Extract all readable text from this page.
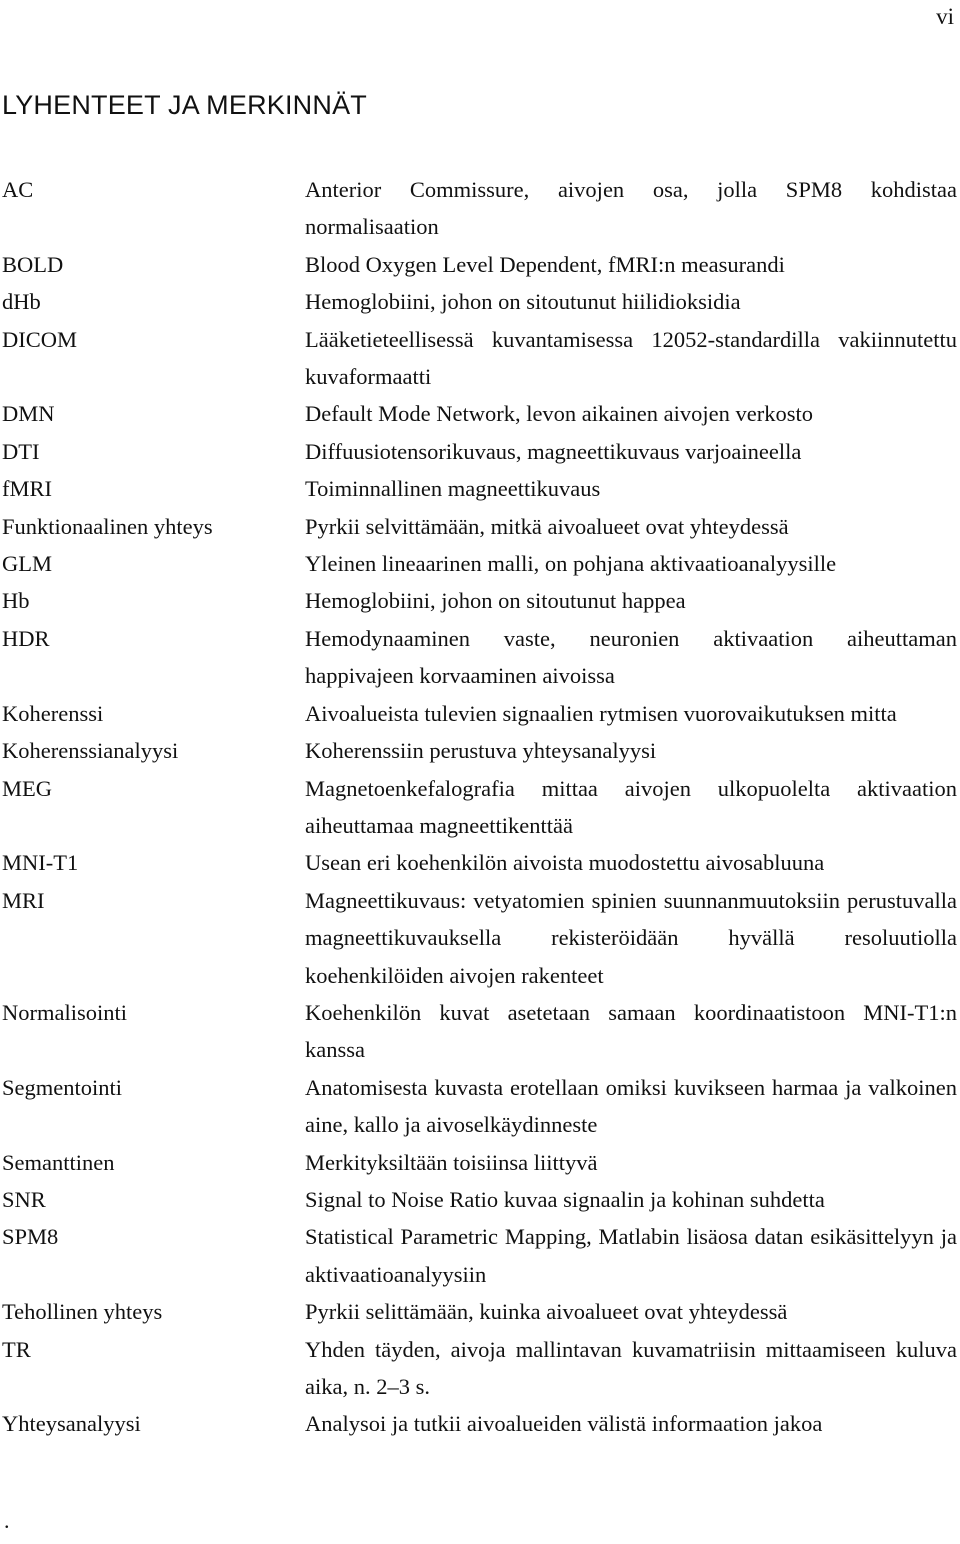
vi
LYHENTEET JA MERKINNÄT
AC	Anterior Commissure, aivojen osa, jolla SPM8 kohdistaa normalisaation
BOLD	Blood Oxygen Level Dependent, fMRI:n measurandi
dHb	Hemoglobiini, johon on sitoutunut hiilidioksidia
DICOM	Lääketieteellisessä kuvantamisessa 12052-standardilla vakiinnutettu kuvaformaatti
DMN	Default Mode Network, levon aikainen aivojen verkosto
DTI	Diffuusiotensorikuvaus, magneettikuvaus varjoaineella
fMRI	Toiminnallinen magneettikuvaus
Funktionaalinen yhteys	Pyrkii selvittämään, mitkä aivoalueet ovat yhteydessä
GLM	Yleinen lineaarinen malli, on pohjana aktivaatioanalyysille
Hb	Hemoglobiini, johon on sitoutunut happea
HDR	Hemodynaaminen vaste, neuronien aktivaation aiheuttaman happivajeen korvaaminen aivoissa
Koherenssi	Aivoalueista tulevien signaalien rytmisen vuorovaikutuksen mitta
Koherenssianalyysi	Koherenssiin perustuva yhteysanalyysi
MEG	Magnetoenkefalografia mittaa aivojen ulkopuolelta aktivaation aiheuttamaa magneettikenttää
MNI-T1	Usean eri koehenkilön aivoista muodostettu aivosabluuna
MRI	Magneettikuvaus: vetyatomien spinien suunnanmuutoksiin perustuvalla magneettikuvauksella rekisteröidään hyvällä resoluutiolla koehenkilöiden aivojen rakenteet
Normalisointi	Koehenkilön kuvat asetetaan samaan koordinaatistoon MNI-T1:n kanssa
Segmentointi	Anatomisesta kuvasta erotellaan omiksi kuvikseen harmaa ja valkoinen aine, kallo ja aivoselkäydinneste
Semanttinen	Merkityksiltään toisiinsa liittyvä
SNR	Signal to Noise Ratio kuvaa signaalin ja kohinan suhdetta
SPM8	Statistical Parametric Mapping, Matlabin lisäosa datan esikäsittelyyn ja aktivaatioanalyysiin
Tehollinen yhteys	Pyrkii selittämään, kuinka aivoalueet ovat yhteydessä
TR	Yhden täyden, aivoja mallintavan kuvamatriisin mittaamiseen kuluva aika, n. 2–3 s.
Yhteysanalyysi	Analysoi ja tutkii aivoalueiden välistä informaation jakoa
.
